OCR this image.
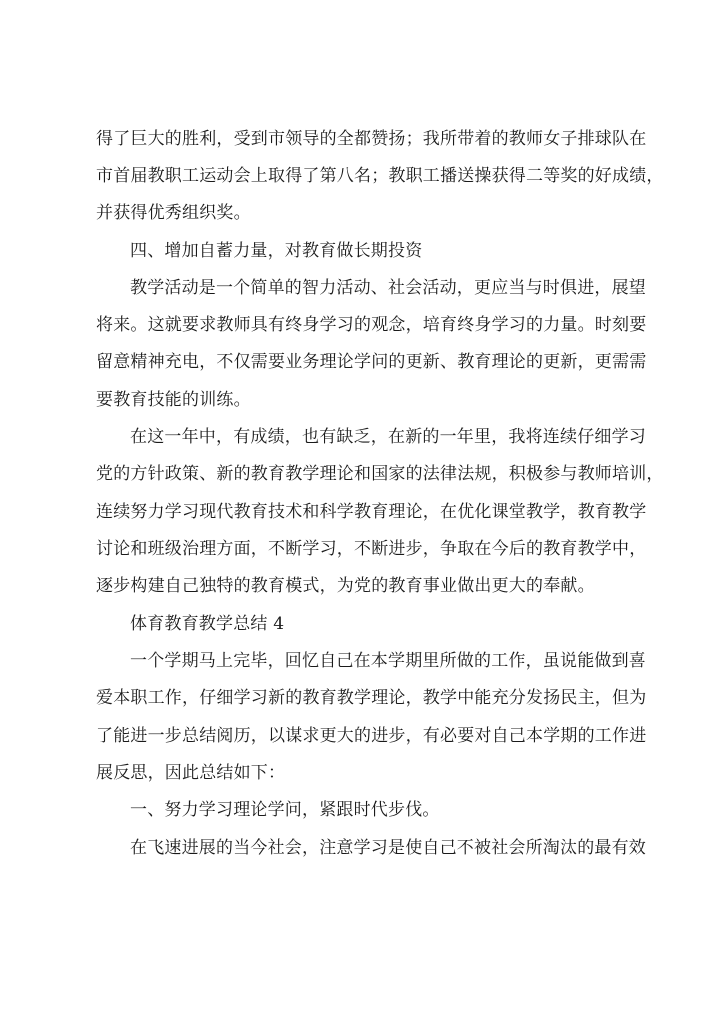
得了巨大的胜利，受到市领导的全都赞扬；我所带着的教师女子排球队在
市首届教职工运动会上取得了第八名；教职工播送操获得二等奖的好成绩，
并获得优秀组织奖。
四、增加自蓄力量，对教育做长期投资
教学活动是一个简单的智力活动、社会活动，更应当与时俱进，展望
将来。这就要求教师具有终身学习的观念，培育终身学习的力量。时刻要
留意精神充电，不仅需要业务理论学问的更新、教育理论的更新，更需需
要教育技能的训练。
在这一年中，有成绩，也有缺乏，在新的一年里，我将连续仔细学习
党的方针政策、新的教育教学理论和国家的法律法规，积极参与教师培训，
连续努力学习现代教育技术和科学教育理论，在优化课堂教学，教育教学
讨论和班级治理方面，不断学习，不断进步，争取在今后的教育教学中，
逐步构建自己独特的教育模式，为党的教育事业做出更大的奉献。
体育教育教学总结 4
一个学期马上完毕，回忆自己在本学期里所做的工作，虽说能做到喜
爱本职工作，仔细学习新的教育教学理论，教学中能充分发扬民主，但为
了能进一步总结阅历，以谋求更大的进步，有必要对自己本学期的工作进
展反思，因此总结如下：
一、努力学习理论学问，紧跟时代步伐。
在飞速进展的当今社会，注意学习是使自己不被社会所淘汰的最有效
